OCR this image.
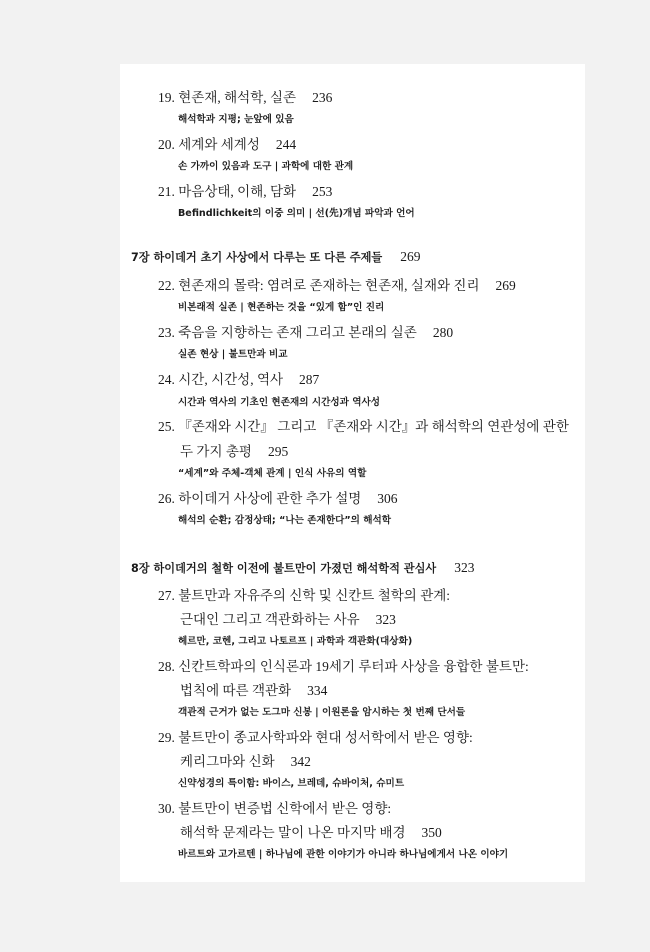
19. 현존재, 해석학, 실존 236
해석학과 지평; 눈앞에 있음
20. 세계와 세계성 244
손 가까이 있음과 도구 | 과학에 대한 관계
21. 마음상태, 이해, 담화 253
Befindlichkeit의 이중 의미 | 선(先)개념 파악과 언어
7장 하이데거 초기 사상에서 다루는 또 다른 주제들 269
22. 현존재의 몰락: 염려로 존재하는 현존재, 실재와 진리 269
비본래적 실존 | 현존하는 것을 “있게 함”인 진리
23. 죽음을 지향하는 존재 그리고 본래의 실존 280
실존 현상 | 불트만과 비교
24. 시간, 시간성, 역사 287
시간과 역사의 기초인 현존재의 시간성과 역사성
25. 『존재와 시간』 그리고 『존재와 시간』과 해석학의 연관성에 관한
두 가지 총평 295
“세계”와 주체-객체 관계 | 인식 사유의 역할
26. 하이데거 사상에 관한 추가 설명 306
해석의 순환; 감정상태; “나는 존재한다”의 해석학
8장 하이데거의 철학 이전에 불트만이 가졌던 해석학적 관심사 323
27. 불트만과 자유주의 신학 및 신칸트 철학의 관계:
근대인 그리고 객관화하는 사유 323
헤르만, 코헨, 그리고 나토르프 | 과학과 객관화(대상화)
28. 신칸트학파의 인식론과 19세기 루터파 사상을 융합한 불트만:
법칙에 따른 객관화 334
객관적 근거가 없는 도그마 신봉 | 이원론을 암시하는 첫 번째 단서들
29. 불트만이 종교사학파와 현대 성서학에서 받은 영향:
케리그마와 신화 342
신약성경의 특이함: 바이스, 브레데, 슈바이처, 슈미트
30. 불트만이 변증법 신학에서 받은 영향:
해석학 문제라는 말이 나온 마지막 배경 350
바르트와 고가르텐 | 하나님에 관한 이야기가 아니라 하나님에게서 나온 이야기
